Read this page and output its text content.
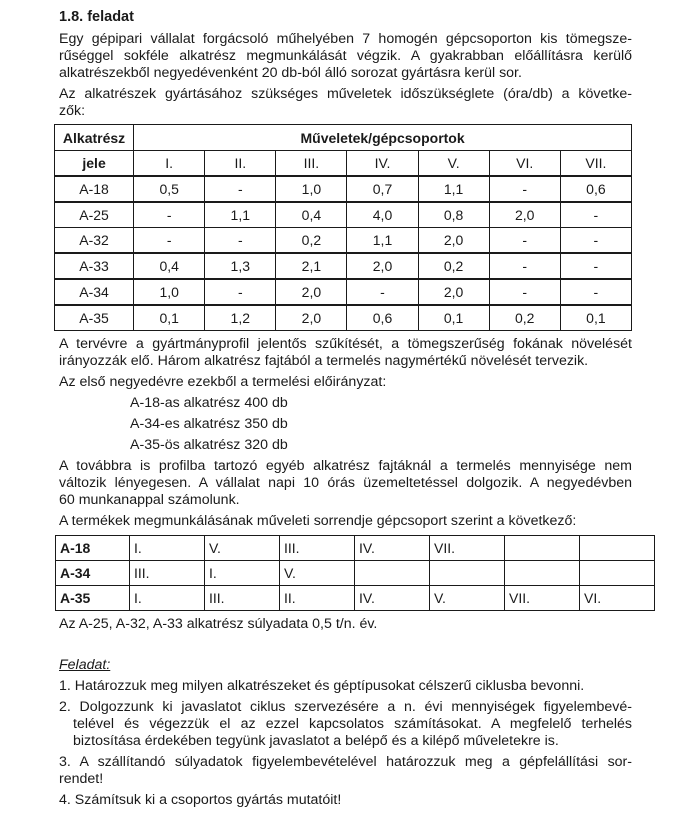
1.8. feladat
Egy gépipari vállalat forgácsoló műhelyében 7 homogén gépcsoporton kis tömegsze-
rűséggel sokféle alkatrész megmunkálását végzik. A gyakrabban előállításra kerülő
alkatrészekből negyedévenként 20 db-ból álló sorozat gyártásra kerül sor.
Az alkatrészek gyártásához szükséges műveletek időszükséglete (óra/db) a követke-
zők:
Alkatrész	Műveletek/gépcsoportok						
jele	I.	II.	III.	IV.	V.	VI.	VII.
A-18	0,5	-	1,0	0,7	1,1	-	0,6
A-25	-	1,1	0,4	4,0	0,8	2,0	-
A-32	-	-	0,2	1,1	2,0	-	-
A-33	0,4	1,3	2,1	2,0	0,2	-	-
A-34	1,0	-	2,0	-	2,0	-	-
A-35	0,1	1,2	2,0	0,6	0,1	0,2	0,1
A tervévre a gyártmányprofil jelentős szűkítését, a tömegszerűség fokának növelését
irányozzák elő. Három alkatrész fajtából a termelés nagymértékű növelését tervezik.
Az első negyedévre ezekből a termelési előirányzat:
A-18-as alkatrész 400 db
A-34-es alkatrész 350 db
A-35-ös alkatrész 320 db
A továbbra is profilba tartozó egyéb alkatrész fajtáknál a termelés mennyisége nem
változik lényegesen. A vállalat napi 10 órás üzemeltetéssel dolgozik. A negyedévben
60 munkanappal számolunk.
A termékek megmunkálásának műveleti sorrendje gépcsoport szerint a következő:
A-18	I.	V.	III.	IV.	VII.		
A-34	III.	I.	V.				
A-35	I.	III.	II.	IV.	V.	VII.	VI.
Az A-25, A-32, A-33 alkatrész súlyadata 0,5 t/n. év.
Feladat:
1. Határozzuk meg milyen alkatrészeket és géptípusokat célszerű ciklusba bevonni.
2. Dolgozzunk ki javaslatot ciklus szervezésére a n. évi mennyiségek figyelembevé-
telével és végezzük el az ezzel kapcsolatos számításokat. A megfelelő terhelés
biztosítása érdekében tegyünk javaslatot a belépő és a kilépő műveletekre is.
3. A szállítandó súlyadatok figyelembevételével határozzuk meg a gépfelállítási sor-
rendet!
4. Számítsuk ki a csoportos gyártás mutatóit!
